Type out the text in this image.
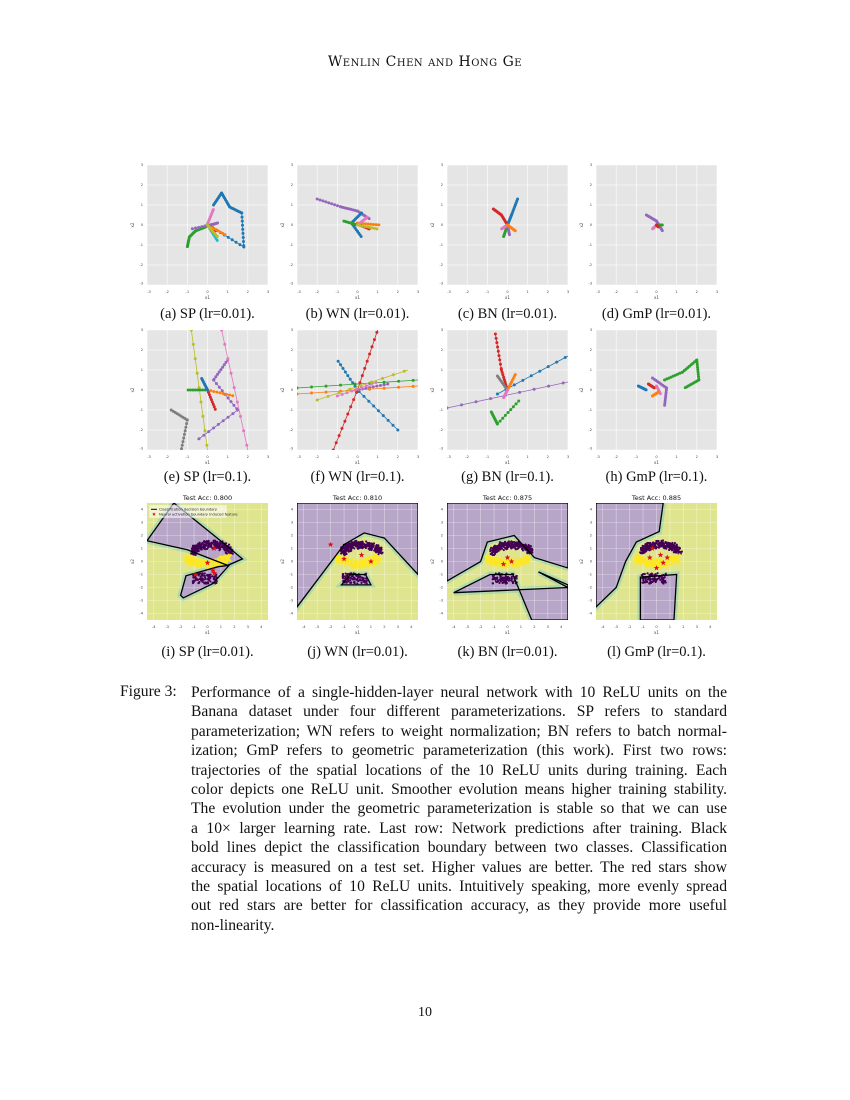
Wenlin Chen and Hong Ge
-3
-3
-2
-2
-1
-1
0
0
1
1
2
2
3
3
x1
x2
(a) SP (lr=0.01).
-3
-3
-2
-2
-1
-1
0
0
1
1
2
2
3
3
x1
x2
(b) WN (lr=0.01).
-3
-3
-2
-2
-1
-1
0
0
1
1
2
2
3
3
x1
x2
(c) BN (lr=0.01).
-3
-3
-2
-2
-1
-1
0
0
1
1
2
2
3
3
x1
x2
(d) GmP (lr=0.01).
-3
-3
-2
-2
-1
-1
0
0
1
1
2
2
3
3
x1
x2
(e) SP (lr=0.1).
-3
-3
-2
-2
-1
-1
0
0
1
1
2
2
3
3
x1
x2
(f) WN (lr=0.1).
-3
-3
-2
-2
-1
-1
0
0
1
1
2
2
3
3
x1
x2
(g) BN (lr=0.1).
-3
-3
-2
-2
-1
-1
0
0
1
1
2
2
3
3
x1
x2
(h) GmP (lr=0.1).
-4
-4
-3
-3
-2
-2
-1
-1
0
0
1
1
2
2
3
3
4
4
x1
x2
Test Acc: 0.800
Classification decision boundary
Neural activation boundary induced feature
(i) SP (lr=0.01).
-4
-4
-3
-3
-2
-2
-1
-1
0
0
1
1
2
2
3
3
4
4
x1
x2
Test Acc: 0.810
(j) WN (lr=0.01).
-4
-4
-3
-3
-2
-2
-1
-1
0
0
1
1
2
2
3
3
4
4
x1
x2
Test Acc: 0.875
(k) BN (lr=0.01).
-4
-4
-3
-3
-2
-2
-1
-1
0
0
1
1
2
2
3
3
4
4
x1
x2
Test Acc: 0.885
(l) GmP (lr=0.1).
Figure 3: Performance of a single-hidden-layer neural network with 10 ReLU units on the
Banana dataset under four different parameterizations. SP refers to standard
parameterization; WN refers to weight normalization; BN refers to batch normal-
ization; GmP refers to geometric parameterization (this work). First two rows:
trajectories of the spatial locations of the 10 ReLU units during training. Each
color depicts one ReLU unit. Smoother evolution means higher training stability.
The evolution under the geometric parameterization is stable so that we can use
a 10× larger learning rate. Last row: Network predictions after training. Black
bold lines depict the classification boundary between two classes. Classification
accuracy is measured on a test set. Higher values are better. The red stars show
the spatial locations of 10 ReLU units. Intuitively speaking, more evenly spread
out red stars are better for classification accuracy, as they provide more useful
non-linearity.
10
